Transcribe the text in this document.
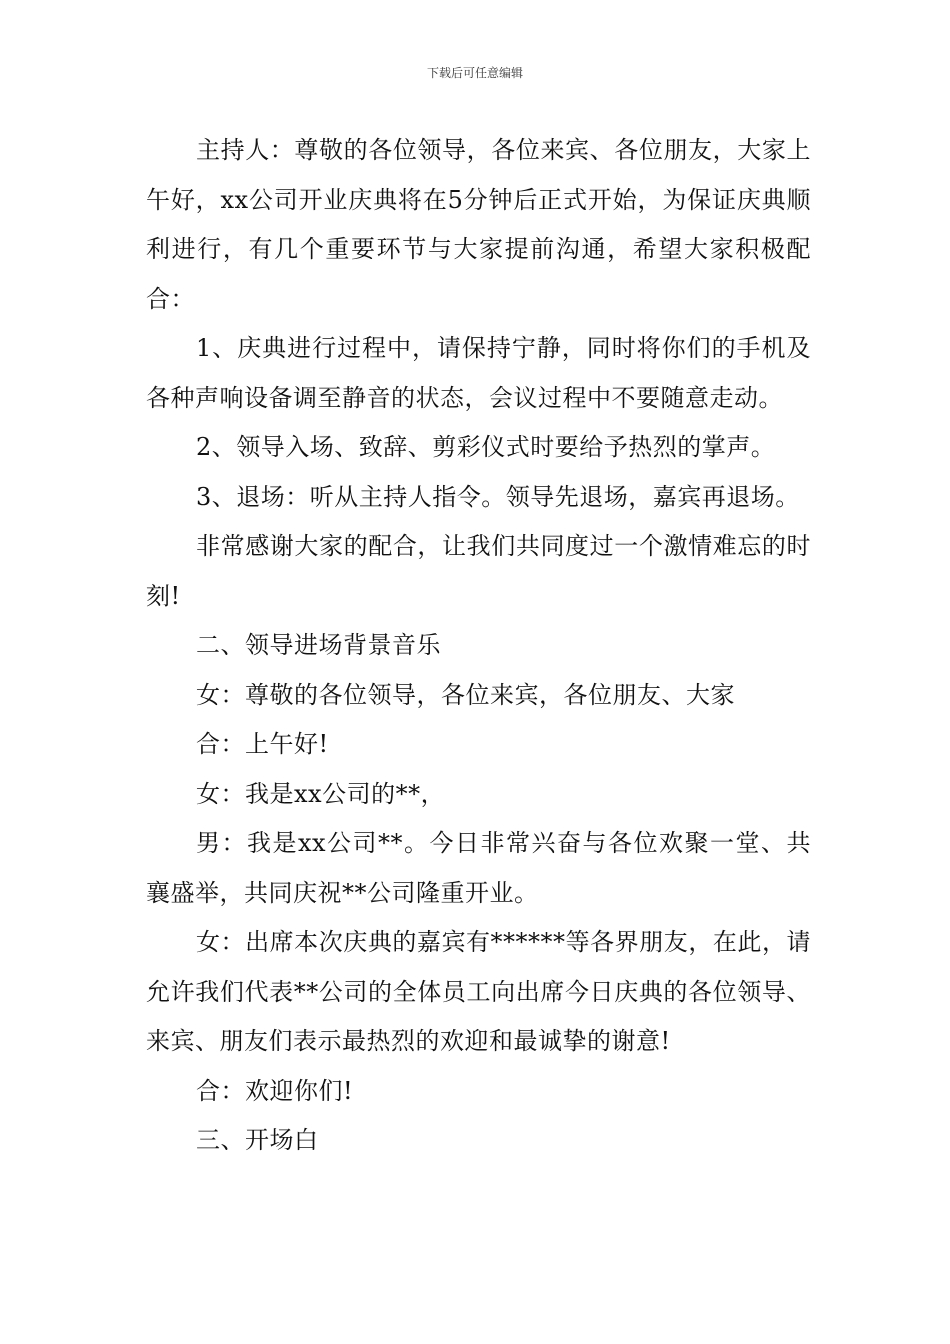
下载后可任意编辑

主持人：尊敬的各位领导，各位来宾、各位朋友，大家上午好，xx公司开业庆典将在5分钟后正式开始，为保证庆典顺利进行，有几个重要环节与大家提前沟通，希望大家积极配合：

1、庆典进行过程中，请保持宁静，同时将你们的手机及各种声响设备调至静音的状态，会议过程中不要随意走动。

2、领导入场、致辞、剪彩仪式时要给予热烈的掌声。

3、退场：听从主持人指令。领导先退场，嘉宾再退场。

非常感谢大家的配合，让我们共同度过一个激情难忘的时刻!

二、领导进场背景音乐

女：尊敬的各位领导，各位来宾，各位朋友、大家

合：上午好!

女：我是xx公司的**，

男：我是xx公司**。今日非常兴奋与各位欢聚一堂、共襄盛举，共同庆祝**公司隆重开业。

女：出席本次庆典的嘉宾有******等各界朋友，在此，请允许我们代表**公司的全体员工向出席今日庆典的各位领导、来宾、朋友们表示最热烈的欢迎和最诚挚的谢意!

合：欢迎你们!

三、开场白
